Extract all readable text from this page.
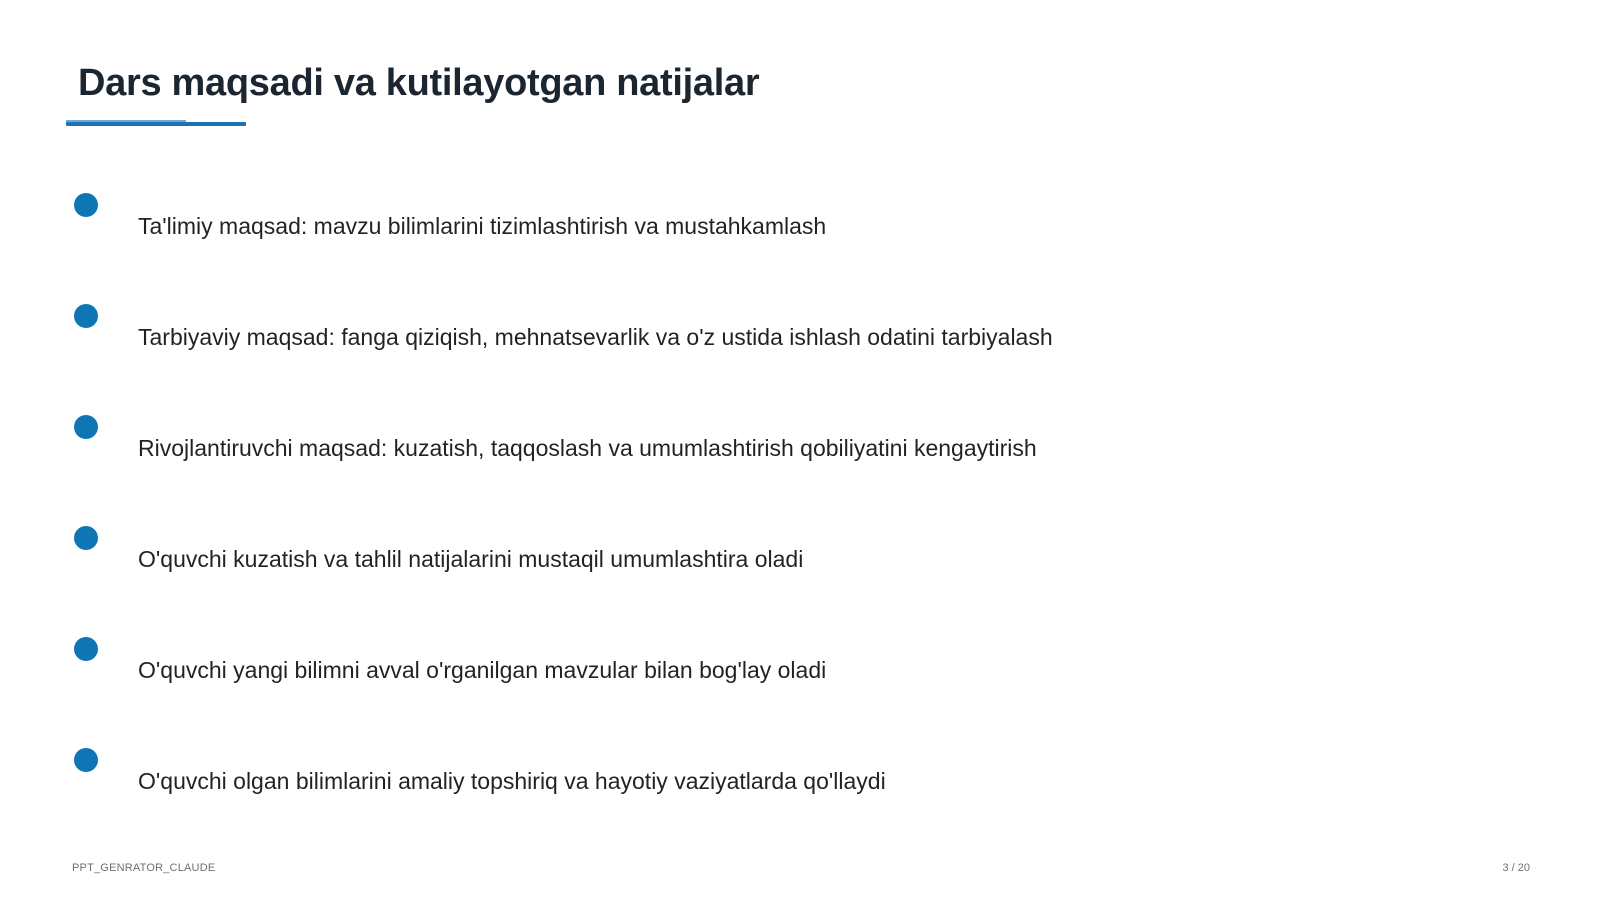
Dars maqsadi va kutilayotgan natijalar
Ta'limiy maqsad: mavzu bilimlarini tizimlashtirish va mustahkamlash
Tarbiyaviy maqsad: fanga qiziqish, mehnatsevarlik va o'z ustida ishlash odatini tarbiyalash
Rivojlantiruvchi maqsad: kuzatish, taqqoslash va umumlashtirish qobiliyatini kengaytirish
O'quvchi kuzatish va tahlil natijalarini mustaqil umumlashtira oladi
O'quvchi yangi bilimni avval o'rganilgan mavzular bilan bog'lay oladi
O'quvchi olgan bilimlarini amaliy topshiriq va hayotiy vaziyatlarda qo'llaydi
PPT_GENRATOR_CLAUDE	3 / 20
